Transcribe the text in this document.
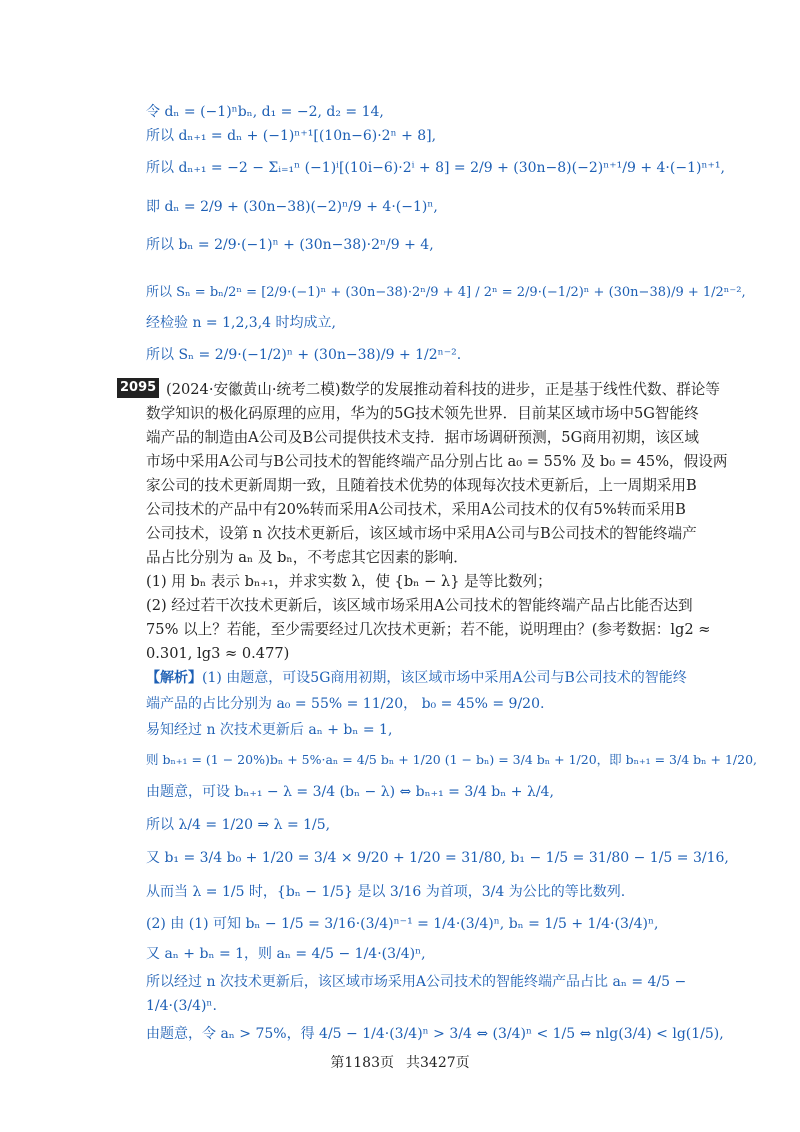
令 dₙ = (−1)ⁿbₙ, d₁ = −2, d₂ = 14,
所以 dₙ₊₁ = dₙ + (−1)ⁿ⁺¹[(10n−6)·2ⁿ + 8],
所以 dₙ₊₁ = −2 − Σᵢ₌₁ⁿ (−1)ⁱ[(10i−6)·2ⁱ + 8] = 2/9 + (30n−8)(−2)ⁿ⁺¹/9 + 4·(−1)ⁿ⁺¹,
即 dₙ = 2/9 + (30n−38)(−2)ⁿ/9 + 4·(−1)ⁿ,
所以 bₙ = 2/9·(−1)ⁿ + (30n−38)·2ⁿ/9 + 4,
所以 Sₙ = bₙ/2ⁿ = [2/9·(−1)ⁿ + (30n−38)·2ⁿ/9 + 4] / 2ⁿ = 2/9·(−1/2)ⁿ + (30n−38)/9 + 1/2ⁿ⁻²,
经检验 n = 1,2,3,4 时均成立,
所以 Sₙ = 2/9·(−1/2)ⁿ + (30n−38)/9 + 1/2ⁿ⁻².
2095 (2024·安徽黄山·统考二模)数学的发展推动着科技的进步，正是基于线性代数、群论等
数学知识的极化码原理的应用，华为的5G技术领先世界．目前某区域市场中5G智能终
端产品的制造由A公司及B公司提供技术支持．据市场调研预测，5G商用初期，该区域
市场中采用A公司与B公司技术的智能终端产品分别占比 a₀ = 55% 及 b₀ = 45%，假设两
家公司的技术更新周期一致，且随着技术优势的体现每次技术更新后，上一周期采用B
公司技术的产品中有20%转而采用A公司技术，采用A公司技术的仅有5%转而采用B
公司技术，设第 n 次技术更新后，该区域市场中采用A公司与B公司技术的智能终端产
品占比分别为 aₙ 及 bₙ，不考虑其它因素的影响．
(1) 用 bₙ 表示 bₙ₊₁，并求实数 λ，使 {bₙ − λ} 是等比数列；
(2) 经过若干次技术更新后，该区域市场采用A公司技术的智能终端产品占比能否达到
75% 以上？若能，至少需要经过几次技术更新；若不能，说明理由？(参考数据：lg2 ≈
0.301, lg3 ≈ 0.477)
【解析】(1) 由题意，可设5G商用初期，该区域市场中采用A公司与B公司技术的智能终
端产品的占比分别为 a₀ = 55% = 11/20， b₀ = 45% = 9/20.
易知经过 n 次技术更新后 aₙ + bₙ = 1,
则 bₙ₊₁ = (1 − 20%)bₙ + 5%·aₙ = 4/5 bₙ + 1/20 (1 − bₙ) = 3/4 bₙ + 1/20，即 bₙ₊₁ = 3/4 bₙ + 1/20,
由题意，可设 bₙ₊₁ − λ = 3/4 (bₙ − λ) ⇔ bₙ₊₁ = 3/4 bₙ + λ/4,
所以 λ/4 = 1/20 ⇒ λ = 1/5,
又 b₁ = 3/4 b₀ + 1/20 = 3/4 × 9/20 + 1/20 = 31/80, b₁ − 1/5 = 31/80 − 1/5 = 3/16,
从而当 λ = 1/5 时，{bₙ − 1/5} 是以 3/16 为首项，3/4 为公比的等比数列.
(2) 由 (1) 可知 bₙ − 1/5 = 3/16·(3/4)ⁿ⁻¹ = 1/4·(3/4)ⁿ, bₙ = 1/5 + 1/4·(3/4)ⁿ,
又 aₙ + bₙ = 1，则 aₙ = 4/5 − 1/4·(3/4)ⁿ,
所以经过 n 次技术更新后，该区域市场采用A公司技术的智能终端产品占比 aₙ = 4/5 −
1/4·(3/4)ⁿ.
由题意，令 aₙ > 75%，得 4/5 − 1/4·(3/4)ⁿ > 3/4 ⇔ (3/4)ⁿ < 1/5 ⇔ nlg(3/4) < lg(1/5),
第1183页 共3427页
